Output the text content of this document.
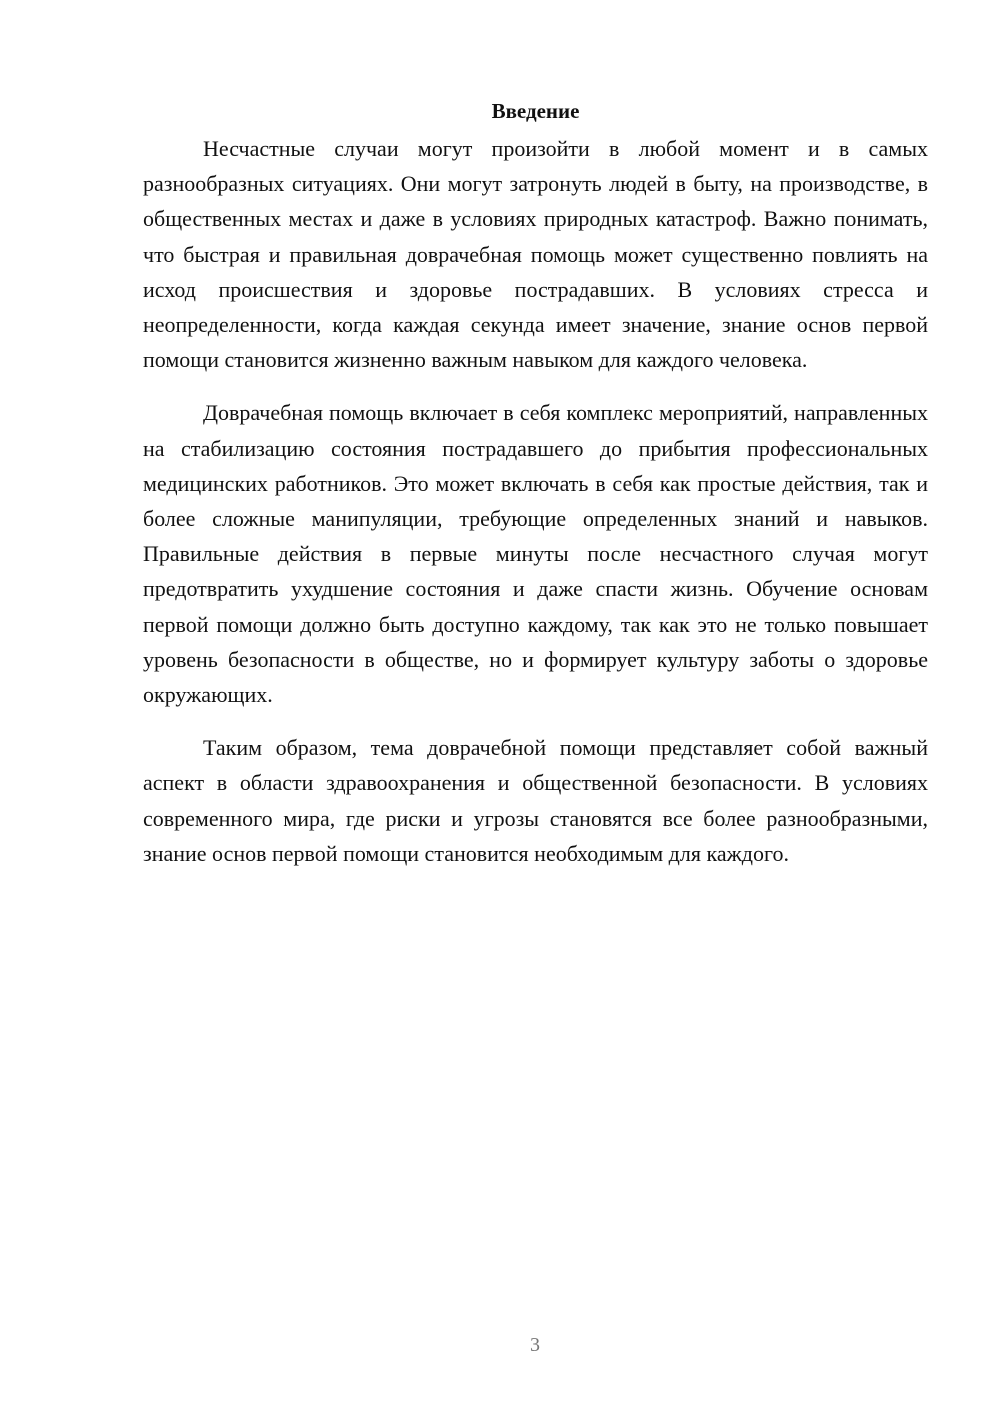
Введение

Несчастные случаи могут произойти в любой момент и в самых разнообразных ситуациях. Они могут затронуть людей в быту, на производстве, в общественных местах и даже в условиях природных катастроф. Важно понимать, что быстрая и правильная доврачебная помощь может существенно повлиять на исход происшествия и здоровье пострадавших. В условиях стресса и неопределенности, когда каждая секунда имеет значение, знание основ первой помощи становится жизненно важным навыком для каждого человека.

Доврачебная помощь включает в себя комплекс мероприятий, направленных на стабилизацию состояния пострадавшего до прибытия профессиональных медицинских работников. Это может включать в себя как простые действия, так и более сложные манипуляции, требующие определенных знаний и навыков. Правильные действия в первые минуты после несчастного случая могут предотвратить ухудшение состояния и даже спасти жизнь. Обучение основам первой помощи должно быть доступно каждому, так как это не только повышает уровень безопасности в обществе, но и формирует культуру заботы о здоровье окружающих.

Таким образом, тема доврачебной помощи представляет собой важный аспект в области здравоохранения и общественной безопасности. В условиях современного мира, где риски и угрозы становятся все более разнообразными, знание основ первой помощи становится необходимым для каждого.

3
